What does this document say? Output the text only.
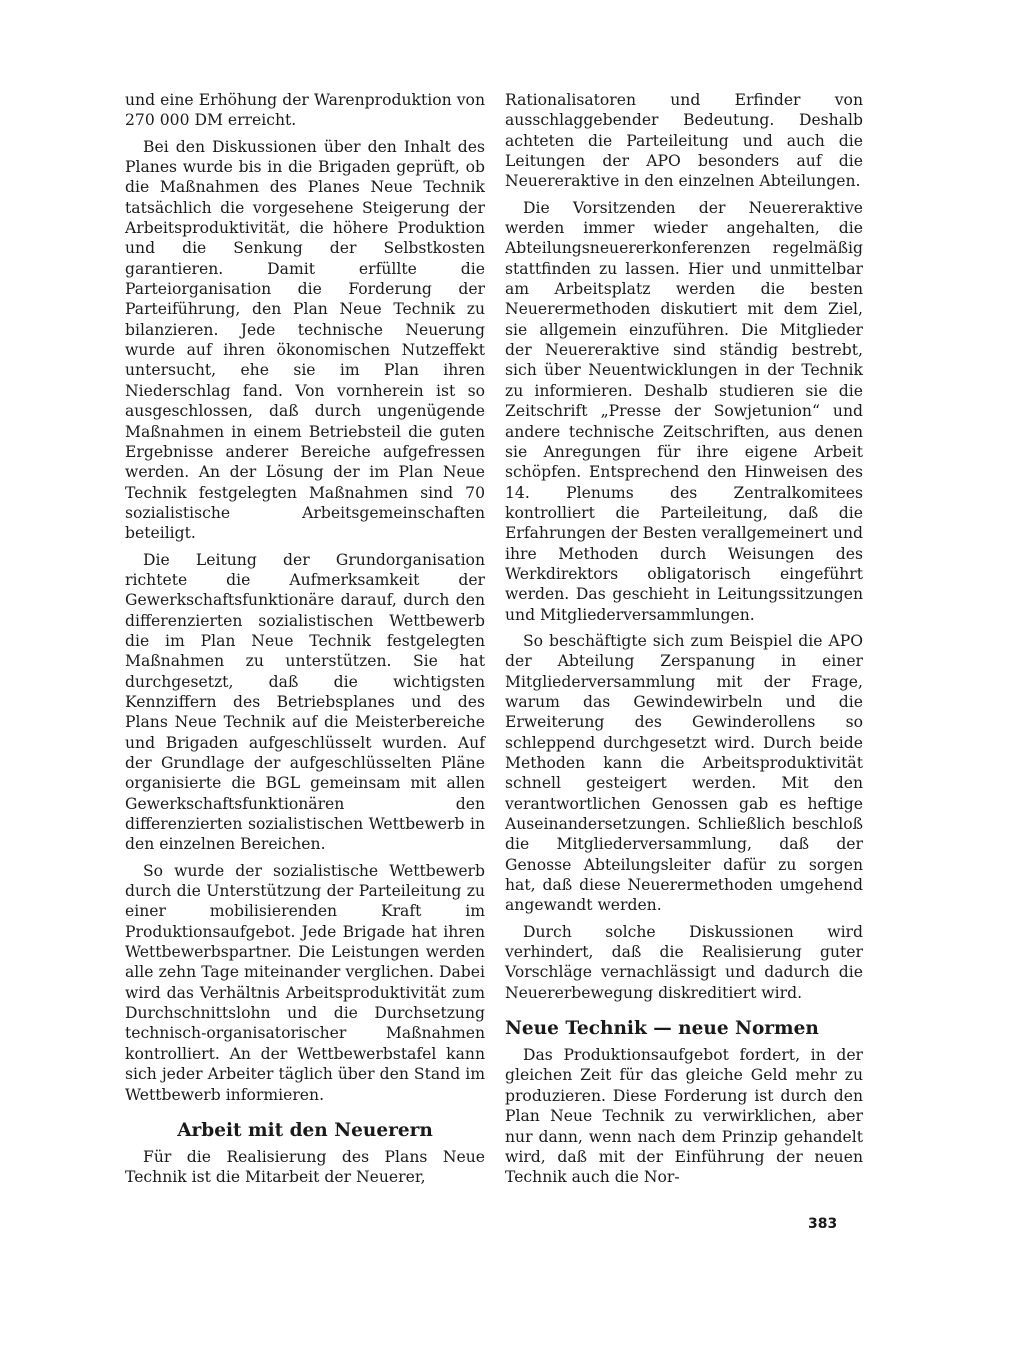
und eine Erhöhung der Warenproduktion von 270 000 DM erreicht.

Bei den Diskussionen über den Inhalt des Planes wurde bis in die Brigaden geprüft, ob die Maßnahmen des Planes Neue Technik tatsächlich die vorgesehene Steigerung der Arbeitsproduktivität, die höhere Produktion und die Senkung der Selbstkosten garantieren. Damit erfüllte die Parteiorganisation die Forderung der Parteiführung, den Plan Neue Technik zu bilanzieren. Jede technische Neuerung wurde auf ihren ökonomischen Nutzeffekt untersucht, ehe sie im Plan ihren Niederschlag fand. Von vornherein ist so ausgeschlossen, daß durch ungenügende Maßnahmen in einem Betriebsteil die guten Ergebnisse anderer Bereiche aufgefressen werden. An der Lösung der im Plan Neue Technik festgelegten Maßnahmen sind 70 sozialistische Arbeitsgemeinschaften beteiligt.

Die Leitung der Grundorganisation richtete die Aufmerksamkeit der Gewerkschaftsfunktionäre darauf, durch den differenzierten sozialistischen Wettbewerb die im Plan Neue Technik festgelegten Maßnahmen zu unterstützen. Sie hat durchgesetzt, daß die wichtigsten Kennziffern des Betriebsplanes und des Plans Neue Technik auf die Meisterbereiche und Brigaden aufgeschlüsselt wurden. Auf der Grundlage der aufgeschlüsselten Pläne organisierte die BGL gemeinsam mit allen Gewerkschaftsfunktionären den differenzierten sozialistischen Wettbewerb in den einzelnen Bereichen.

So wurde der sozialistische Wettbewerb durch die Unterstützung der Parteileitung zu einer mobilisierenden Kraft im Produktionsaufgebot. Jede Brigade hat ihren Wettbewerbspartner. Die Leistungen werden alle zehn Tage miteinander verglichen. Dabei wird das Verhältnis Arbeitsproduktivität zum Durchschnittslohn und die Durchsetzung technisch-organisatorischer Maßnahmen kontrolliert. An der Wettbewerbstafel kann sich jeder Arbeiter täglich über den Stand im Wettbewerb informieren.

Arbeit mit den Neuerern

Für die Realisierung des Plans Neue Technik ist die Mitarbeit der Neuerer,

Rationalisatoren und Erfinder von ausschlaggebender Bedeutung. Deshalb achteten die Parteileitung und auch die Leitungen der APO besonders auf die Neuereraktive in den einzelnen Abteilungen.

Die Vorsitzenden der Neuereraktive werden immer wieder angehalten, die Abteilungsneuererkonferenzen regelmäßig stattfinden zu lassen. Hier und unmittelbar am Arbeitsplatz werden die besten Neuerermethoden diskutiert mit dem Ziel, sie allgemein einzuführen. Die Mitglieder der Neuereraktive sind ständig bestrebt, sich über Neuentwicklungen in der Technik zu informieren. Deshalb studieren sie die Zeitschrift „Presse der Sowjetunion“ und andere technische Zeitschriften, aus denen sie Anregungen für ihre eigene Arbeit schöpfen. Entsprechend den Hinweisen des 14. Plenums des Zentralkomitees kontrolliert die Parteileitung, daß die Erfahrungen der Besten verallgemeinert und ihre Methoden durch Weisungen des Werkdirektors obligatorisch eingeführt werden. Das geschieht in Leitungssitzungen und Mitgliederversammlungen.

So beschäftigte sich zum Beispiel die APO der Abteilung Zerspanung in einer Mitgliederversammlung mit der Frage, warum das Gewindewirbeln und die Erweiterung des Gewinderollens so schleppend durchgesetzt wird. Durch beide Methoden kann die Arbeitsproduktivität schnell gesteigert werden. Mit den verantwortlichen Genossen gab es heftige Auseinandersetzungen. Schließlich beschloß die Mitgliederversammlung, daß der Genosse Abteilungsleiter dafür zu sorgen hat, daß diese Neuerermethoden umgehend angewandt werden.

Durch solche Diskussionen wird verhindert, daß die Realisierung guter Vorschläge vernachlässigt und dadurch die Neuererbewegung diskreditiert wird.

Neue Technik — neue Normen

Das Produktionsaufgebot fordert, in der gleichen Zeit für das gleiche Geld mehr zu produzieren. Diese Forderung ist durch den Plan Neue Technik zu verwirklichen, aber nur dann, wenn nach dem Prinzip gehandelt wird, daß mit der Einführung der neuen Technik auch die Nor-

383
